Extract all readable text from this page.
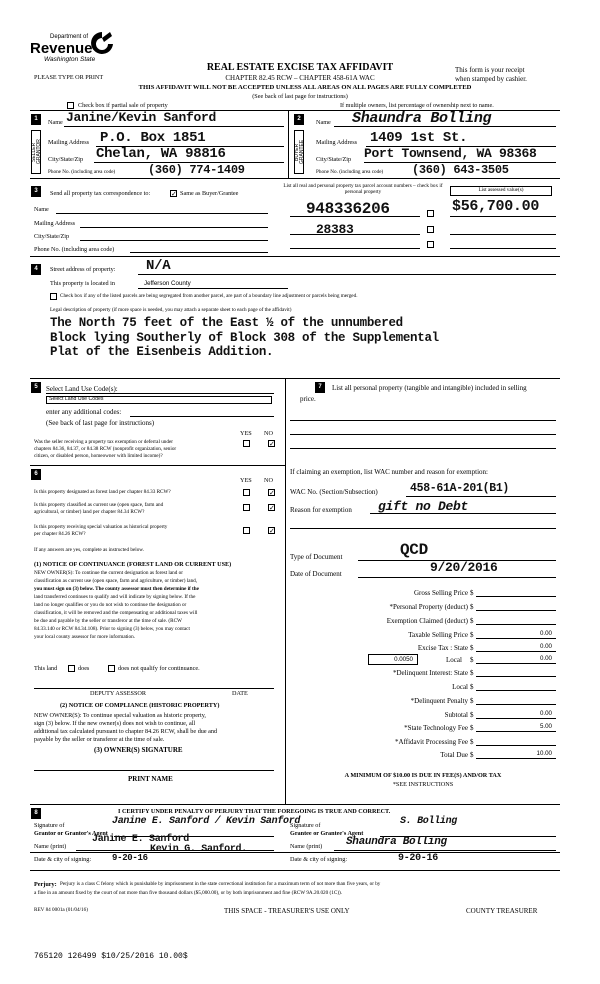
Department of
Revenue
Washington State
PLEASE TYPE OR PRINT
REAL ESTATE EXCISE TAX AFFIDAVIT
CHAPTER 82.45 RCW – CHAPTER 458-61A WAC
THIS AFFIDAVIT WILL NOT BE ACCEPTED UNLESS ALL AREAS ON ALL PAGES ARE FULLY COMPLETED
(See back of last page for instructions)
This form is your receipt
when stamped by cashier.
Check box if partial sale of property	If multiple owners, list percentage of ownership next to name.
1
SELLER GRANTOR
Name Janine/Kevin Sanford
Mailing Address P.O. Box 1851
City/State/Zip Chelan, WA 98816
Phone No. (including area code)	(360) 774-1409
2
BUYER GRANTEE
Name Shaundra Bolling
Mailing Address 1409 1st St.
City/State/Zip Port Townsend, WA 98368
Phone No. (including area code) (360) 643-3505
3	Send all property tax correspondence to:	✓ Same as Buyer/Grantee
Name
Mailing Address
City/State/Zip
Phone No. (including area code)
List all real and personal property tax parcel account numbers – check box if personal property	List assessed value(s)
948336206	$56,700.00
28383
4	Street address of property: N/A
This property is located in	Jefferson County
Check box if any of the listed parcels are being segregated from another parcel, are part of a boundary line adjustment or parcels being merged.
Legal description of property (if more space is needed, you may attach a separate sheet to each page of the affidavit)
The North 75 feet of the East ½ of the unnumbered
Block lying Southerly of Block 308 of the Supplemental
Plat of the Eisenbeis Addition.
5	Select Land Use Code(s):
Select Land Use Codes
enter any additional codes:
(See back of last page for instructions)
YES NO
Was the seller receiving a property tax exemption or deferral under
chapters 84.36, 84.37, or 84.38 RCW (nonprofit organization, senior
citizen, or disabled person, homeowner with limited income)?
✓
6
YES NO
Is this property designated as forest land per chapter 84.33 RCW?	✓
Is this property classified as current use (open space, farm and
agricultural, or timber) land per chapter 84.34 RCW?	✓
Is this property receiving special valuation as historical property
per chapter 84.26 RCW?	✓
If any answers are yes, complete as instructed below.
(1) NOTICE OF CONTINUANCE (FOREST LAND OR CURRENT USE)
NEW OWNER(S): To continue the current designation as forest land or
classification as current use (open space, farm and agriculture, or timber) land,
you must sign on (3) below. The county assessor must then determine if the
land transferred continues to qualify and will indicate by signing below. If the
land no longer qualifies or you do not wish to continue the designation or
classification, it will be removed and the compensating or additional taxes will
be due and payable by the seller or transferor at the time of sale. (RCW
84.33.140 or RCW 84.34.108). Prior to signing (3) below, you may contact
your local county assessor for more information.
This land	does	does not qualify for continuance.
DEPUTY ASSESSOR	DATE
(2) NOTICE OF COMPLIANCE (HISTORIC PROPERTY)
NEW OWNER(S): To continue special valuation as historic property,
sign (3) below. If the new owner(s) does not wish to continue, all
additional tax calculated pursuant to chapter 84.26 RCW, shall be due and
payable by the seller or transferor at the time of sale.
(3) OWNER(S) SIGNATURE
PRINT NAME
7	List all personal property (tangible and intangible) included in selling
price.
If claiming an exemption, list WAC number and reason for exemption:
WAC No. (Section/Subsection)	458-61A-201(B1)
Reason for exemption gift no Debt
Type of Document	QCD
Date of Document	9/20/2016
Gross Selling Price $
*Personal Property (deduct) $
Exemption Claimed (deduct) $
Taxable Selling Price $	0.00
Excise Tax : State $	0.00
0.0050	Local $	0.00
*Delinquent Interest: State $
Local $
*Delinquent Penalty $
Subtotal $	0.00
*State Technology Fee $	5.00
*Affidavit Processing Fee $
Total Due $	10.00
A MINIMUM OF $10.00 IS DUE IN FEE(S) AND/OR TAX
*SEE INSTRUCTIONS
8	I CERTIFY UNDER PENALTY OF PERJURY THAT THE FOREGOING IS TRUE AND CORRECT.
Signature of
Grantor or Grantor's Agent
Janine E. Sanford / Kevin Sanford
Name (print)
Janine E. Sanford
Kevin G. Sanford.
Date & city of signing: 9-20-16
Signature of
Grantee or Grantee's Agent
S. Bolling
Name (print) Shaundra Bolling
Date & city of signing:	9-20-16
Perjury: Perjury is a class C felony which is punishable by imprisonment in the state correctional institution for a maximum term of not more than five years, or by
a fine in an amount fixed by the court of not more than five thousand dollars ($5,000.00), or by both imprisonment and fine (RCW 9A.20.020 (1C)).
REV 84 0001a (01/04/16)	THIS SPACE - TREASURER'S USE ONLY	COUNTY TREASURER
765120 126499 $10/25/2016 10.00$
